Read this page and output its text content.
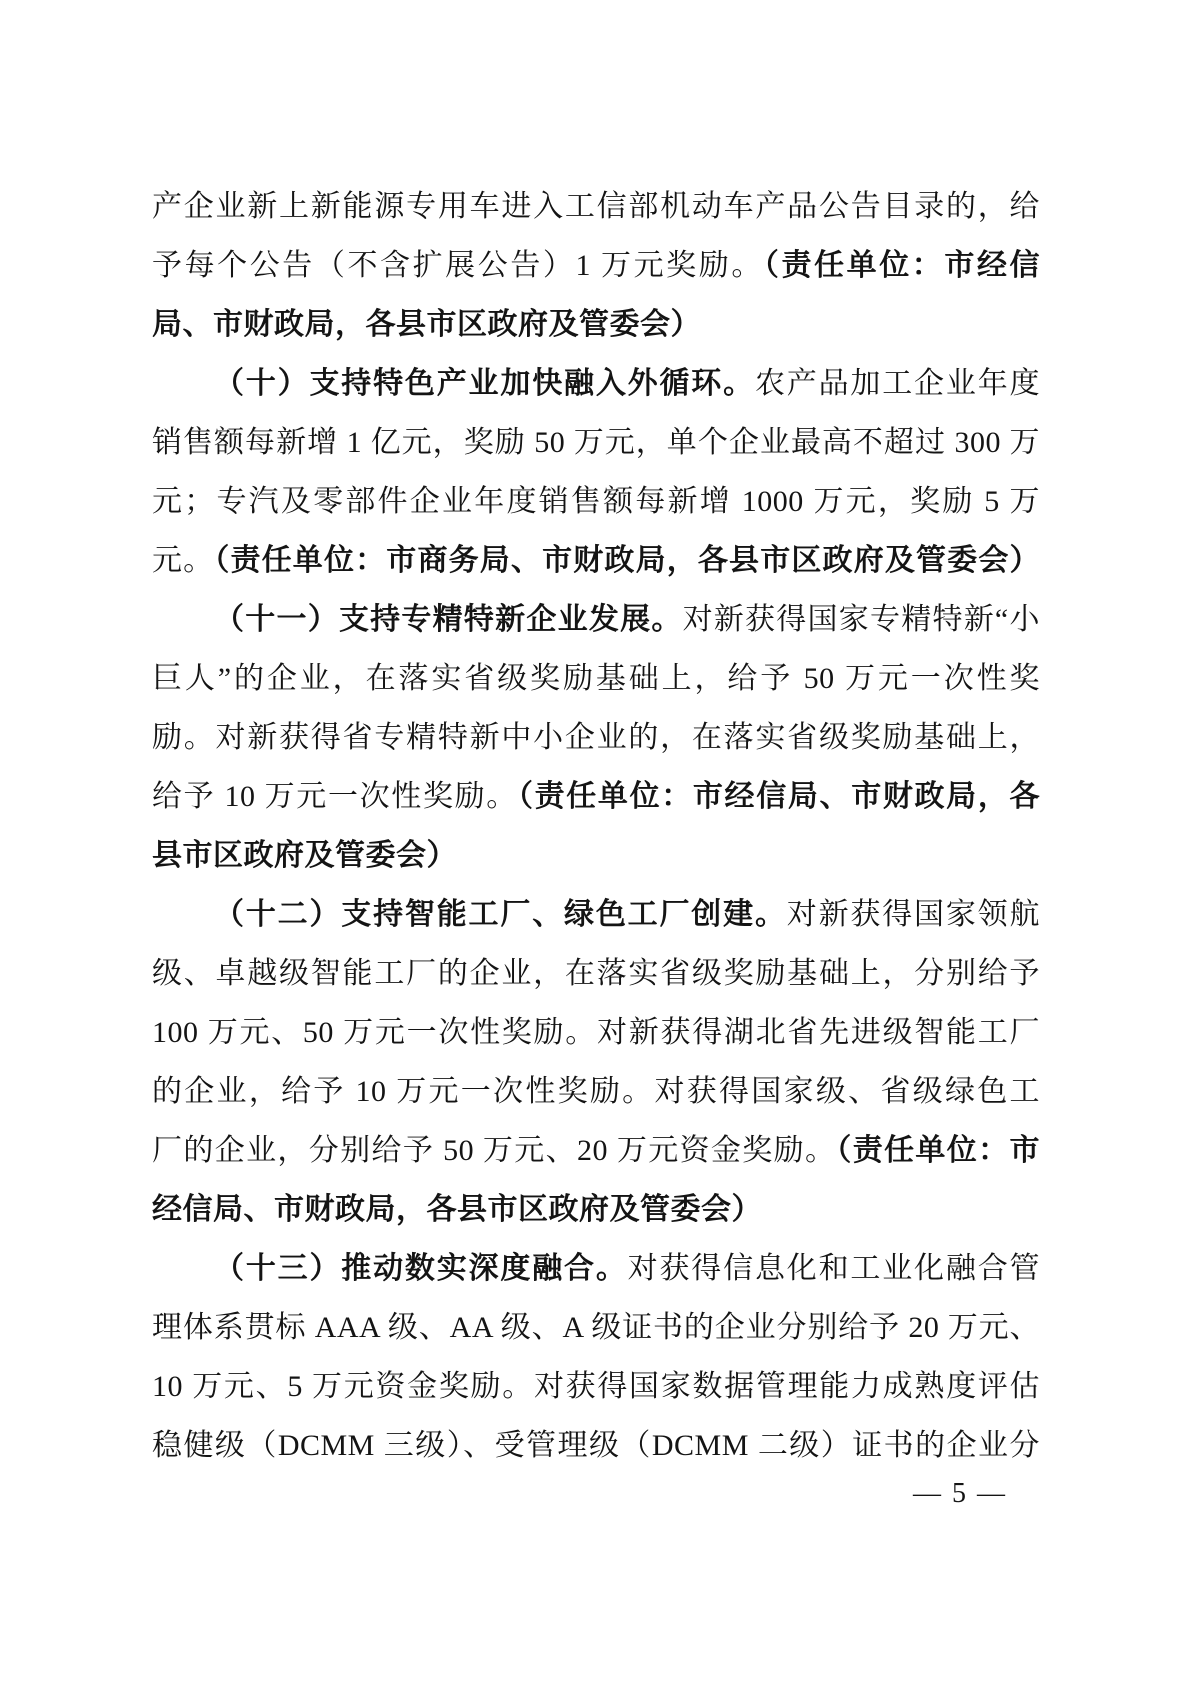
产企业新上新能源专用车进入工信部机动车产品公告目录的，给
予每个公告（不含扩展公告）1 万元奖励。（责任单位：市经信
局、市财政局，各县市区政府及管委会）
（十）支持特色产业加快融入外循环。农产品加工企业年度
销售额每新增 1 亿元，奖励 50 万元，单个企业最高不超过 300 万
元；专汽及零部件企业年度销售额每新增 1000 万元，奖励 5 万
元。（责任单位：市商务局、市财政局，各县市区政府及管委会）
（十一）支持专精特新企业发展。对新获得国家专精特新“小
巨人”的企业，在落实省级奖励基础上，给予 50 万元一次性奖
励。对新获得省专精特新中小企业的，在落实省级奖励基础上，
给予 10 万元一次性奖励。（责任单位：市经信局、市财政局，各
县市区政府及管委会）
（十二）支持智能工厂、绿色工厂创建。对新获得国家领航
级、卓越级智能工厂的企业，在落实省级奖励基础上，分别给予
100 万元、50 万元一次性奖励。对新获得湖北省先进级智能工厂
的企业，给予 10 万元一次性奖励。对获得国家级、省级绿色工
厂的企业，分别给予 50 万元、20 万元资金奖励。（责任单位：市
经信局、市财政局，各县市区政府及管委会）
（十三）推动数实深度融合。对获得信息化和工业化融合管
理体系贯标 AAA 级、AA 级、A 级证书的企业分别给予 20 万元、
10 万元、5 万元资金奖励。对获得国家数据管理能力成熟度评估
稳健级（DCMM 三级）、受管理级（DCMM 二级）证书的企业分
— 5 —
